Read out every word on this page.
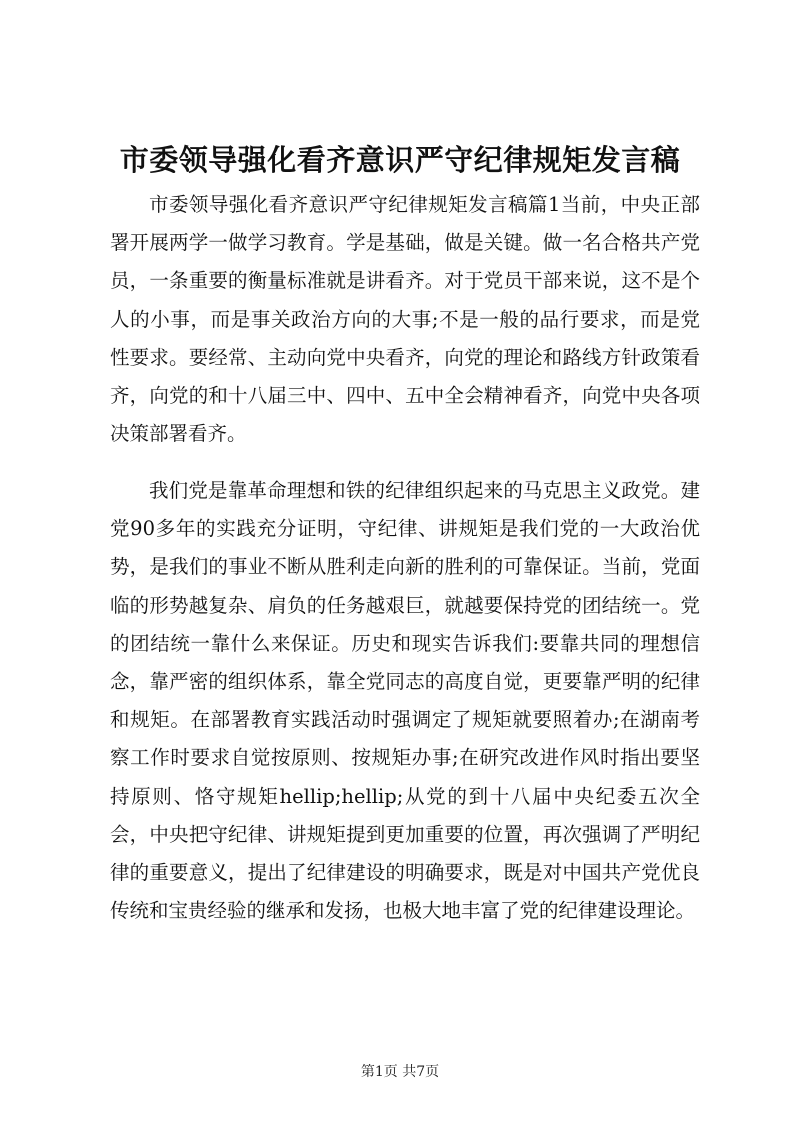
市委领导强化看齐意识严守纪律规矩发言稿

市委领导强化看齐意识严守纪律规矩发言稿篇1当前，中央正部署开展两学一做学习教育。学是基础，做是关键。做一名合格共产党员，一条重要的衡量标准就是讲看齐。对于党员干部来说，这不是个人的小事，而是事关政治方向的大事;不是一般的品行要求，而是党性要求。要经常、主动向党中央看齐，向党的理论和路线方针政策看齐，向党的和十八届三中、四中、五中全会精神看齐，向党中央各项决策部署看齐。

我们党是靠革命理想和铁的纪律组织起来的马克思主义政党。建党90多年的实践充分证明，守纪律、讲规矩是我们党的一大政治优势，是我们的事业不断从胜利走向新的胜利的可靠保证。当前，党面临的形势越复杂、肩负的任务越艰巨，就越要保持党的团结统一。党的团结统一靠什么来保证。历史和现实告诉我们:要靠共同的理想信念，靠严密的组织体系，靠全党同志的高度自觉，更要靠严明的纪律和规矩。在部署教育实践活动时强调定了规矩就要照着办;在湖南考察工作时要求自觉按原则、按规矩办事;在研究改进作风时指出要坚持原则、恪守规矩hellip;hellip;从党的到十八届中央纪委五次全会，中央把守纪律、讲规矩提到更加重要的位置，再次强调了严明纪律的重要意义，提出了纪律建设的明确要求，既是对中国共产党优良传统和宝贵经验的继承和发扬，也极大地丰富了党的纪律建设理论。

第1页 共7页
